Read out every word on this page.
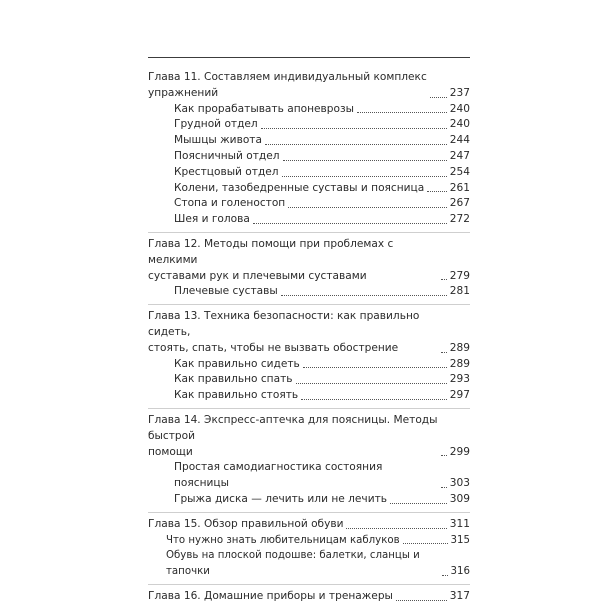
Глава 11. Составляем индивидуальный комплекс
упражнений	237
Как прорабатывать апоневрозы	240
Грудной отдел	240
Мышцы живота	244
Поясничный отдел	247
Крестцовый отдел	254
Колени, тазобедренные суставы и поясница 261
Стопа и голеностоп	267
Шея и голова	272
Глава 12. Методы помощи при проблемах с мелкими
суставами рук и плечевыми суставами	279
Плечевые суставы	281
Глава 13. Техника безопасности: как правильно сидеть,
стоять, спать, чтобы не вызвать обострение	289
Как правильно сидеть	289
Как правильно спать	293
Как правильно стоять	297
Глава 14. Экспресс-аптечка для поясницы. Методы быстрой
помощи	299
Простая самодиагностика состояния поясницы	303
Грыжа диска — лечить или не лечить	309
Глава 15. Обзор правильной обуви	311
Что нужно знать любительницам каблуков	315
Обувь на плоской подошве: балетки, сланцы и тапочки	316
Глава 16. Домашние приборы и тренажеры	317
